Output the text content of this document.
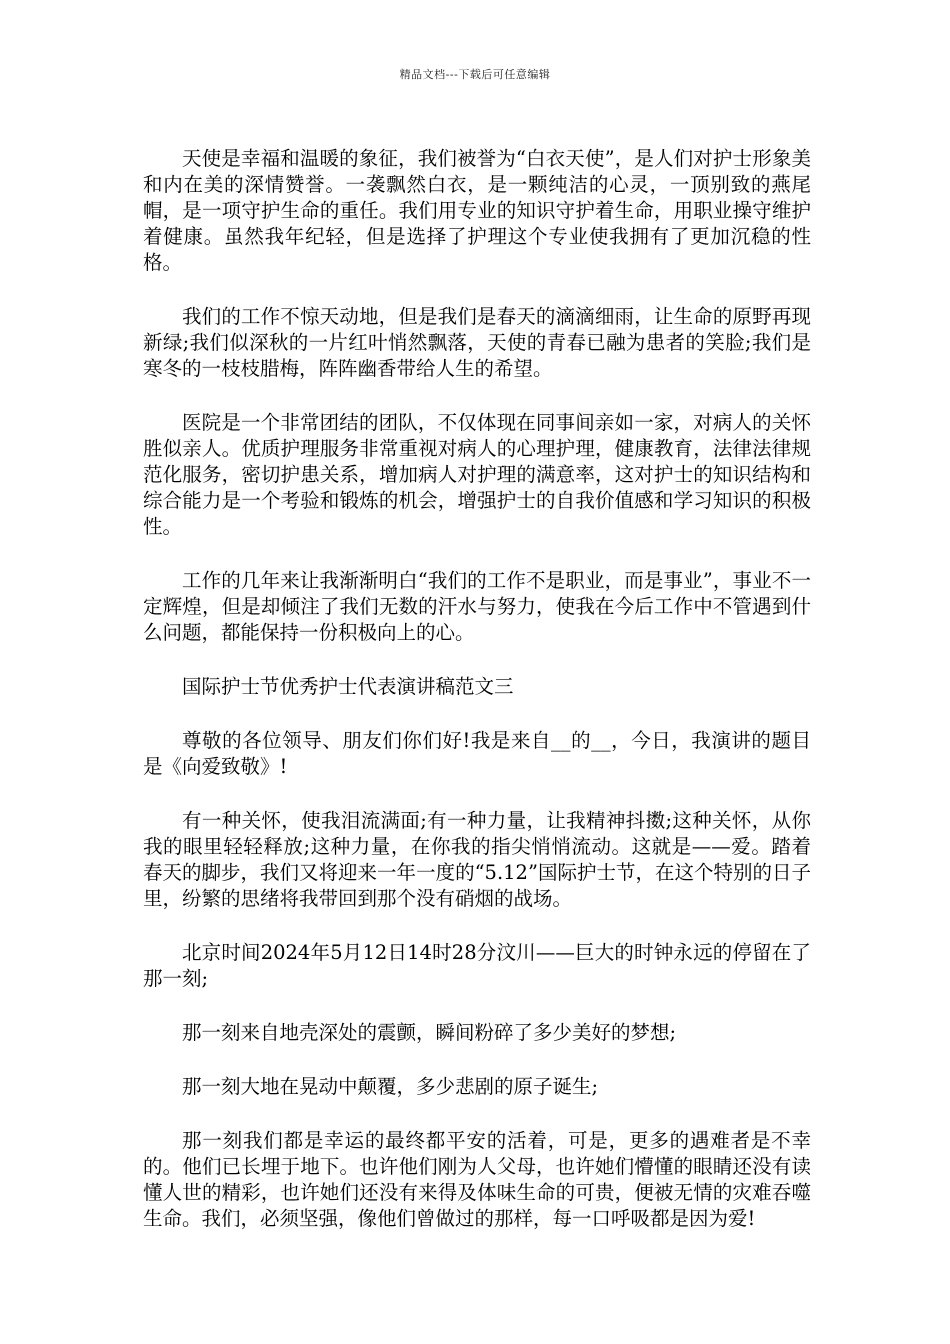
精品文档---下载后可任意编辑

天使是幸福和温暖的象征，我们被誉为“白衣天使”，是人们对护士形象美和内在美的深情赞誉。一袭飘然白衣，是一颗纯洁的心灵，一顶别致的燕尾帽，是一项守护生命的重任。我们用专业的知识守护着生命，用职业操守维护着健康。虽然我年纪轻，但是选择了护理这个专业使我拥有了更加沉稳的性格。

我们的工作不惊天动地，但是我们是春天的滴滴细雨，让生命的原野再现新绿;我们似深秋的一片红叶悄然飘落，天使的青春已融为患者的笑脸;我们是寒冬的一枝枝腊梅，阵阵幽香带给人生的希望。

医院是一个非常团结的团队，不仅体现在同事间亲如一家，对病人的关怀胜似亲人。优质护理服务非常重视对病人的心理护理，健康教育，法律法律规范化服务，密切护患关系，增加病人对护理的满意率，这对护士的知识结构和综合能力是一个考验和锻炼的机会，增强护士的自我价值感和学习知识的积极性。

工作的几年来让我渐渐明白“我们的工作不是职业，而是事业”，事业不一定辉煌，但是却倾注了我们无数的汗水与努力，使我在今后工作中不管遇到什么问题，都能保持一份积极向上的心。

国际护士节优秀护士代表演讲稿范文三

尊敬的各位领导、朋友们你们好!我是来自__的__，今日，我演讲的题目是《向爱致敬》!

有一种关怀，使我泪流满面;有一种力量，让我精神抖擞;这种关怀，从你我的眼里轻轻释放;这种力量，在你我的指尖悄悄流动。这就是——爱。踏着春天的脚步，我们又将迎来一年一度的“5.12”国际护士节，在这个特别的日子里，纷繁的思绪将我带回到那个没有硝烟的战场。

北京时间2024年5月12日14时28分汶川——巨大的时钟永远的停留在了那一刻;

那一刻来自地壳深处的震颤，瞬间粉碎了多少美好的梦想;

那一刻大地在晃动中颠覆，多少悲剧的原子诞生;

那一刻我们都是幸运的最终都平安的活着，可是，更多的遇难者是不幸的。他们已长埋于地下。也许他们刚为人父母，也许她们懵懂的眼睛还没有读懂人世的精彩，也许她们还没有来得及体味生命的可贵，便被无情的灾难吞噬生命。我们，必须坚强，像他们曾做过的那样，每一口呼吸都是因为爱!
